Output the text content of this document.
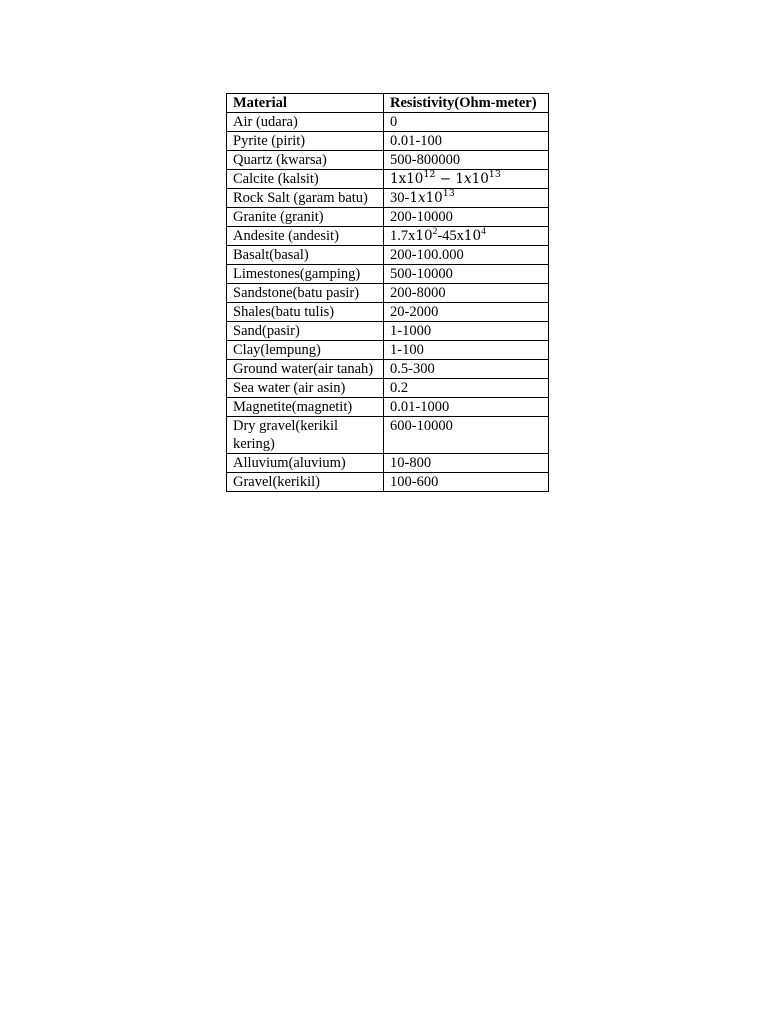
Material	Resistivity(Ohm-meter)
Air (udara)	0
Pyrite (pirit)	0.01-100
Quartz (kwarsa)	500-800000
Calcite (kalsit)	$1x10^{12} - 1x10^{13}$
Rock Salt (garam batu)	$30-1x10^{13}$
Granite (granit)	200-10000
Andesite (andesit)	$1.7x10^2-45x10^4$
Basalt(basal)	200-100.000
Limestones(gamping)	500-10000
Sandstone(batu pasir)	200-8000
Shales(batu tulis)	20-2000
Sand(pasir)	1-1000
Clay(lempung)	1-100
Ground water(air tanah)	0.5-300
Sea water (air asin)	0.2
Magnetite(magnetit)	0.01-1000
Dry gravel(kerikil kering)	600-10000
Alluvium(aluvium)	10-800
Gravel(kerikil)	100-600
